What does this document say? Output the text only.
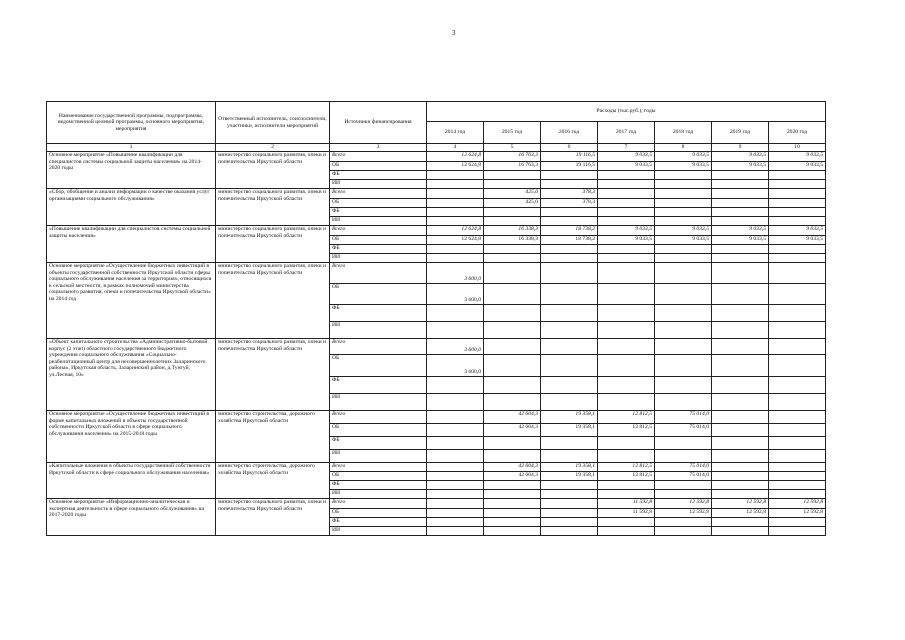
3
Наименование государственной программы, подпрограммы, ведомственной целевой программы, основного мероприятия, мероприятия	Ответственный исполнитель, соисполнители, участники, исполнители мероприятий	Источники финансирования	Расходы (тыс.руб.), годы						
			2014 год	2015 год	2016 год	2017 год	2018 год	2019 год	2020 год
1	2	3	4	5	6	7	8	9	10
Основное мероприятие «Повышение квалификации для специалистов системы социальной защиты населения» на 2014-2020 годы	министерство социального развития, опеки и попечительства Иркутской области	Всего	12 624,8	16 763,3	19 116,5	9 033,5	9 033,5	9 033,5	9 033,5
		ОБ	12 624,8	16 763,3	19 116,5	9 033,5	9 033,5	9 033,5	9 033,5
		ФБ							
		ИИ							
«Сбор, обобщение и анализ информации о качестве оказания услуг организациями социального обслуживания»	министерство социального развития, опеки и попечительства Иркутской области	Всего		425,0	378,3				
		ОБ		425,0	378,3				
		ФБ							
		ИИ							
«Повышение квалификации для специалистов системы социальной защиты населения»	министерство социального развития, опеки и попечительства Иркутской области	Всего	12 624,8	16 338,3	18 738,2	9 033,5	9 033,5	9 033,5	9 033,5
		ОБ	12 624,8	16 338,3	18 738,2	9 033,5	9 033,5	9 033,5	9 033,5
		ФБ							
		ИИ							
Основное мероприятие «Осуществление бюджетных инвестиций в объекты государственной собственности Иркутской области сферы социального обслуживания населения за территориях, относящихся к сельской местности, в рамках полномочий министерства социального развития, опеки и попечительства Иркутской области» на 2014 год	министерство социального развития, опеки и попечительства Иркутской области	Всего	3 600,0						
		ОБ	3 600,0						
		ФБ							
		ИИ							
«Объект капитального строительства «Административно-бытовой корпус (2 этап) областного государственного бюджетного учреждения социального обслуживания «Социально-реабилитационный центр для несовершеннолетних Заларинского района», Иркутская область, Заларинский район, д.Тунгуй, ул.Лесная, 10»	министерство социального развития, опеки и попечительства Иркутской области	Всего	3 600,0						
		ОБ	3 600,0						
		ФБ							
		ИИ							
Основное мероприятие «Осуществление бюджетных инвестиций в форме капитальных вложений в объекты государственной собственности Иркутской области в сфере социального обслуживания населения» на 2015-2018 годы	министерство строительства, дорожного хозяйства Иркутской области	Всего		42 604,3	19 358,1	12 812,5	75 014,0		
		ОБ		42 604,3	19 358,1	12 812,5	75 014,0		
		ФБ							
		ИИ							
«Капитальные вложения в объекты государственной собственности Иркутской области в сфере социального обслуживания населения»	министерство строительства, дорожного хозяйства Иркутской области	Всего		42 604,3	19 358,1	12 812,5	75 014,0		
		ОБ		42 604,3	19 358,1	12 812,5	75 014,0		
		ФБ							
		ИИ							
Основное мероприятие «Информационно-аналитическая и экспертная деятельность в сфере социального обслуживания» на 2017-2020 годы	министерство социального развития, опеки и попечительства Иркутской области	Всего				11 592,8	12 592,8	12 592,8	12 592,8
		ОБ				11 592,8	12 592,8	12 592,8	12 592,8
		ФБ							
		ИИ							
